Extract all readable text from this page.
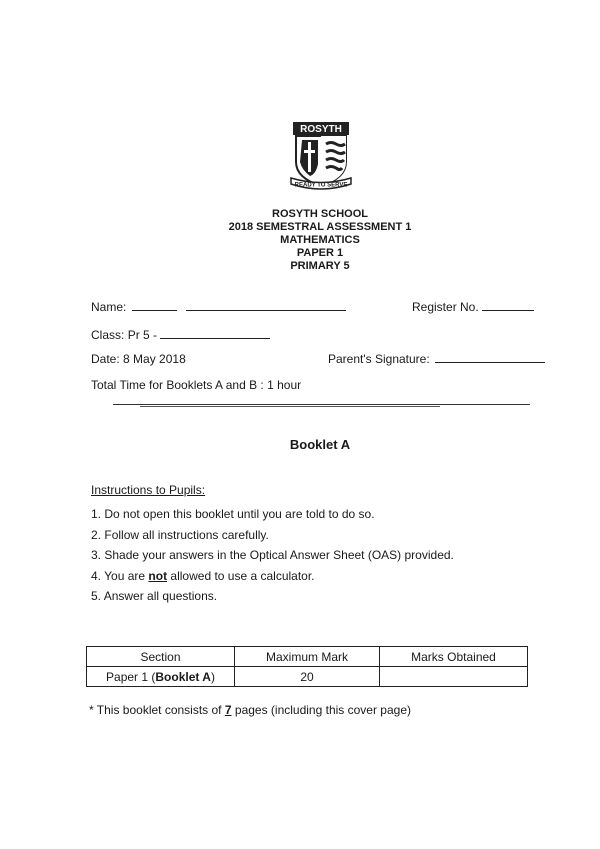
ROSYTH
READY TO SERVE
ROSYTH SCHOOL
2018 SEMESTRAL ASSESSMENT 1
MATHEMATICS
PAPER 1
PRIMARY 5
Name:	Register No.
Class: Pr 5 -
Date: 8 May 2018	Parent's Signature:
Total Time for Booklets A and B : 1 hour
Booklet A
Instructions to Pupils:
1. Do not open this booklet until you are told to do so.
2. Follow all instructions carefully.
3. Shade your answers in the Optical Answer Sheet (OAS) provided.
4. You are not allowed to use a calculator.
5. Answer all questions.
Section	Maximum Mark	Marks Obtained
Paper 1 (Booklet A)	20	
* This booklet consists of 7 pages (including this cover page)
